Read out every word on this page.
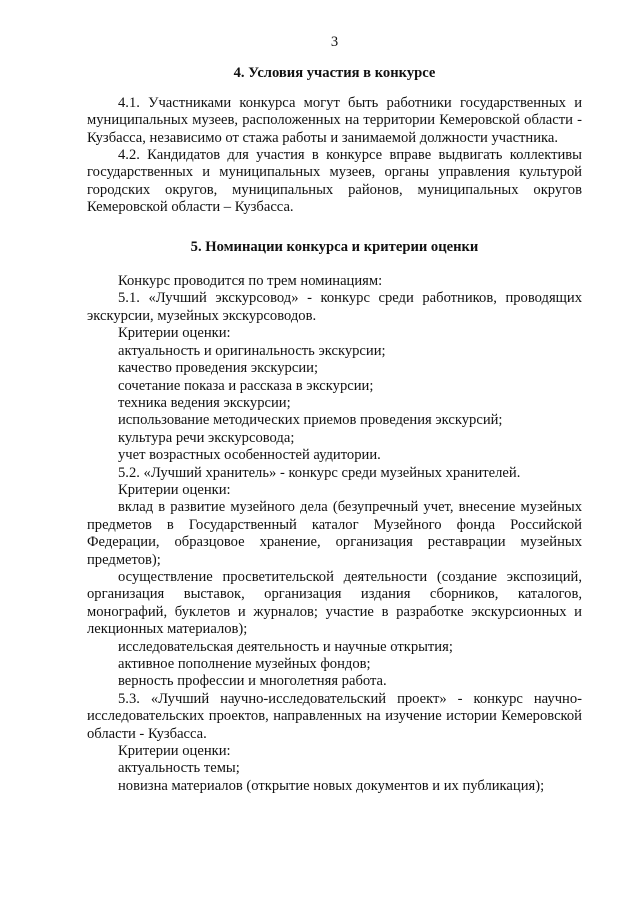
3
4. Условия участия в конкурсе

4.1. Участниками конкурса могут быть работники государственных и муниципальных музеев, расположенных на территории Кемеровской области - Кузбасса, независимо от стажа работы и занимаемой должности участника.

4.2. Кандидатов для участия в конкурсе вправе выдвигать коллективы государственных и муниципальных музеев, органы управления культурой городских округов, муниципальных районов, муниципальных округов Кемеровской области – Кузбасса.

5. Номинации конкурса и критерии оценки

Конкурс проводится по трем номинациям:

5.1. «Лучший экскурсовод» - конкурс среди работников, проводящих экскурсии, музейных экскурсоводов.

Критерии оценки:

актуальность и оригинальность экскурсии;

качество проведения экскурсии;

сочетание показа и рассказа в экскурсии;

техника ведения экскурсии;

использование методических приемов проведения экскурсий;

культура речи экскурсовода;

учет возрастных особенностей аудитории.

5.2. «Лучший хранитель» - конкурс среди музейных хранителей.

Критерии оценки:

вклад в развитие музейного дела (безупречный учет, внесение музейных предметов в Государственный каталог Музейного фонда Российской Федерации, образцовое хранение, организация реставрации музейных предметов);

осуществление просветительской деятельности (создание экспозиций, организация выставок, организация издания сборников, каталогов, монографий, буклетов и журналов; участие в разработке экскурсионных и лекционных материалов);

исследовательская деятельность и научные открытия;

активное пополнение музейных фондов;

верность профессии и многолетняя работа.

5.3. «Лучший научно-исследовательский проект» - конкурс научно-исследовательских проектов, направленных на изучение истории Кемеровской области - Кузбасса.

Критерии оценки:

актуальность темы;

новизна материалов (открытие новых документов и их публикация);
